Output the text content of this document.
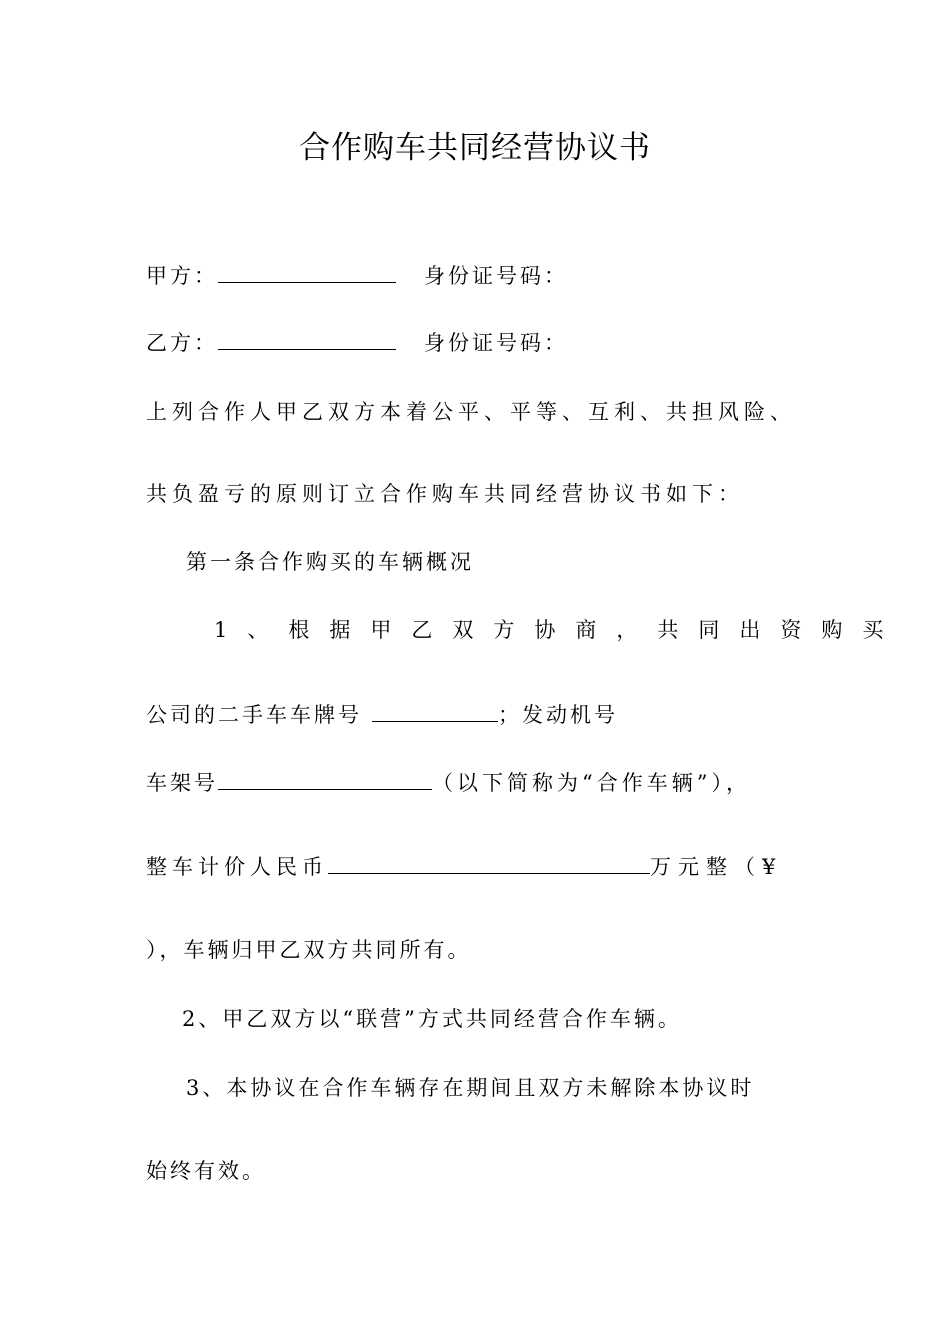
合作购车共同经营协议书
甲方：	身份证号码：
乙方：	身份证号码：
上列合作人甲乙双方本着公平、平等、互利、共担风险、
共负盈亏的原则订立合作购车共同经营协议书如下：
第一条合作购买的车辆概况
1、根据甲乙双方协商，共同出资购买
公司的二手车车牌号	；发动机号
车架号	（以下简称为“合作车辆”），
整车计价人民币	万元整（¥
），车辆归甲乙双方共同所有。
2、甲乙双方以“联营”方式共同经营合作车辆。
3、本协议在合作车辆存在期间且双方未解除本协议时
始终有效。
